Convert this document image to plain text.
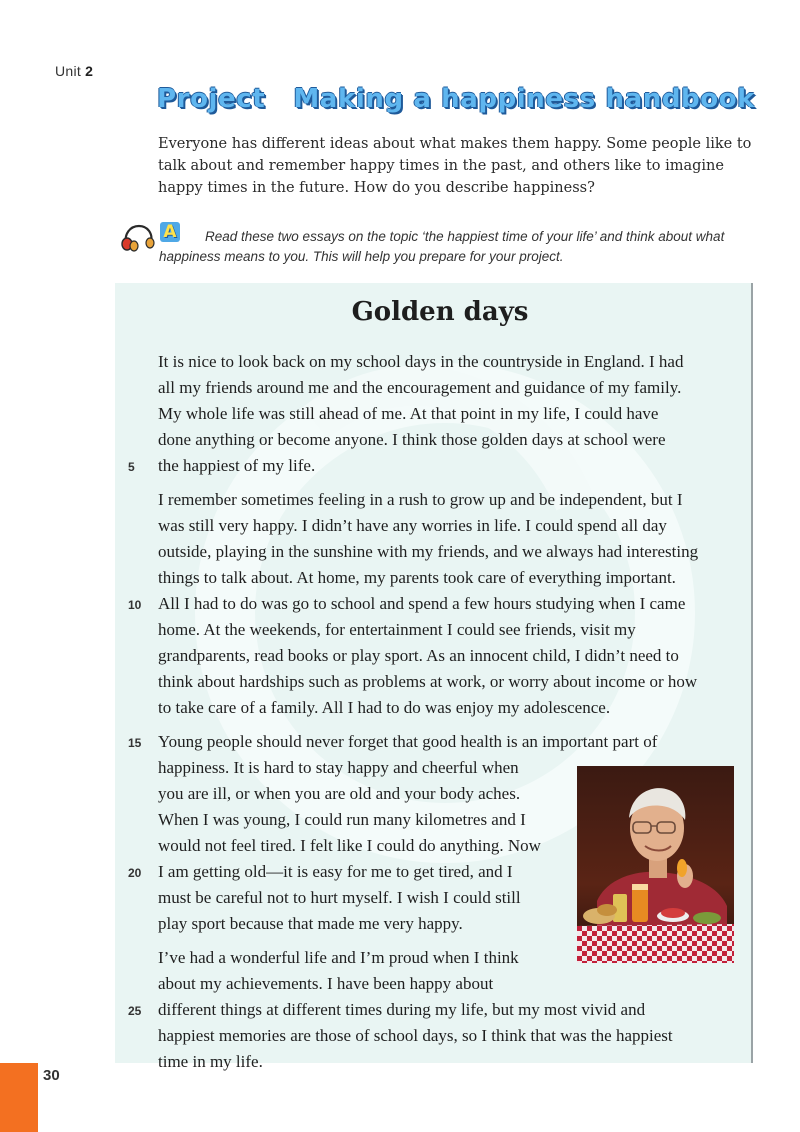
Unit 2
Project Making a happiness handbook

Everyone has different ideas about what makes them happy. Some people like to talk about and remember happy times in the past, and others like to imagine happy times in the future. How do you describe happiness?

A	Read these two essays on the topic ‘the happiest time of your life’ and think about what happiness means to you. This will help you prepare for your project.

Golden days
It is nice to look back on my school days in the countryside in England. I had
all my friends around me and the encouragement and guidance of my family.
My whole life was still ahead of me. At that point in my life, I could have
done anything or become anyone. I think those golden days at school were
5	the happiest of my life.
I remember sometimes feeling in a rush to grow up and be independent, but I
was still very happy. I didn’t have any worries in life. I could spend all day
outside, playing in the sunshine with my friends, and we always had interesting
things to talk about. At home, my parents took care of everything important.
10 All I had to do was go to school and spend a few hours studying when I came
home. At the weekends, for entertainment I could see friends, visit my
grandparents, read books or play sport. As an innocent child, I didn’t need to
think about hardships such as problems at work, or worry about income or how
to take care of a family. All I had to do was enjoy my adolescence.
15 Young people should never forget that good health is an important part of
happiness. It is hard to stay happy and cheerful when
you are ill, or when you are old and your body aches.
When I was young, I could run many kilometres and I
would not feel tired. I felt like I could do anything. Now
20 I am getting old—it is easy for me to get tired, and I
must be careful not to hurt myself. I wish I could still
play sport because that made me very happy.
I’ve had a wonderful life and I’m proud when I think
about my achievements. I have been happy about
25 different things at different times during my life, but my most vivid and
happiest memories are those of school days, so I think that was the happiest
time in my life.
30
